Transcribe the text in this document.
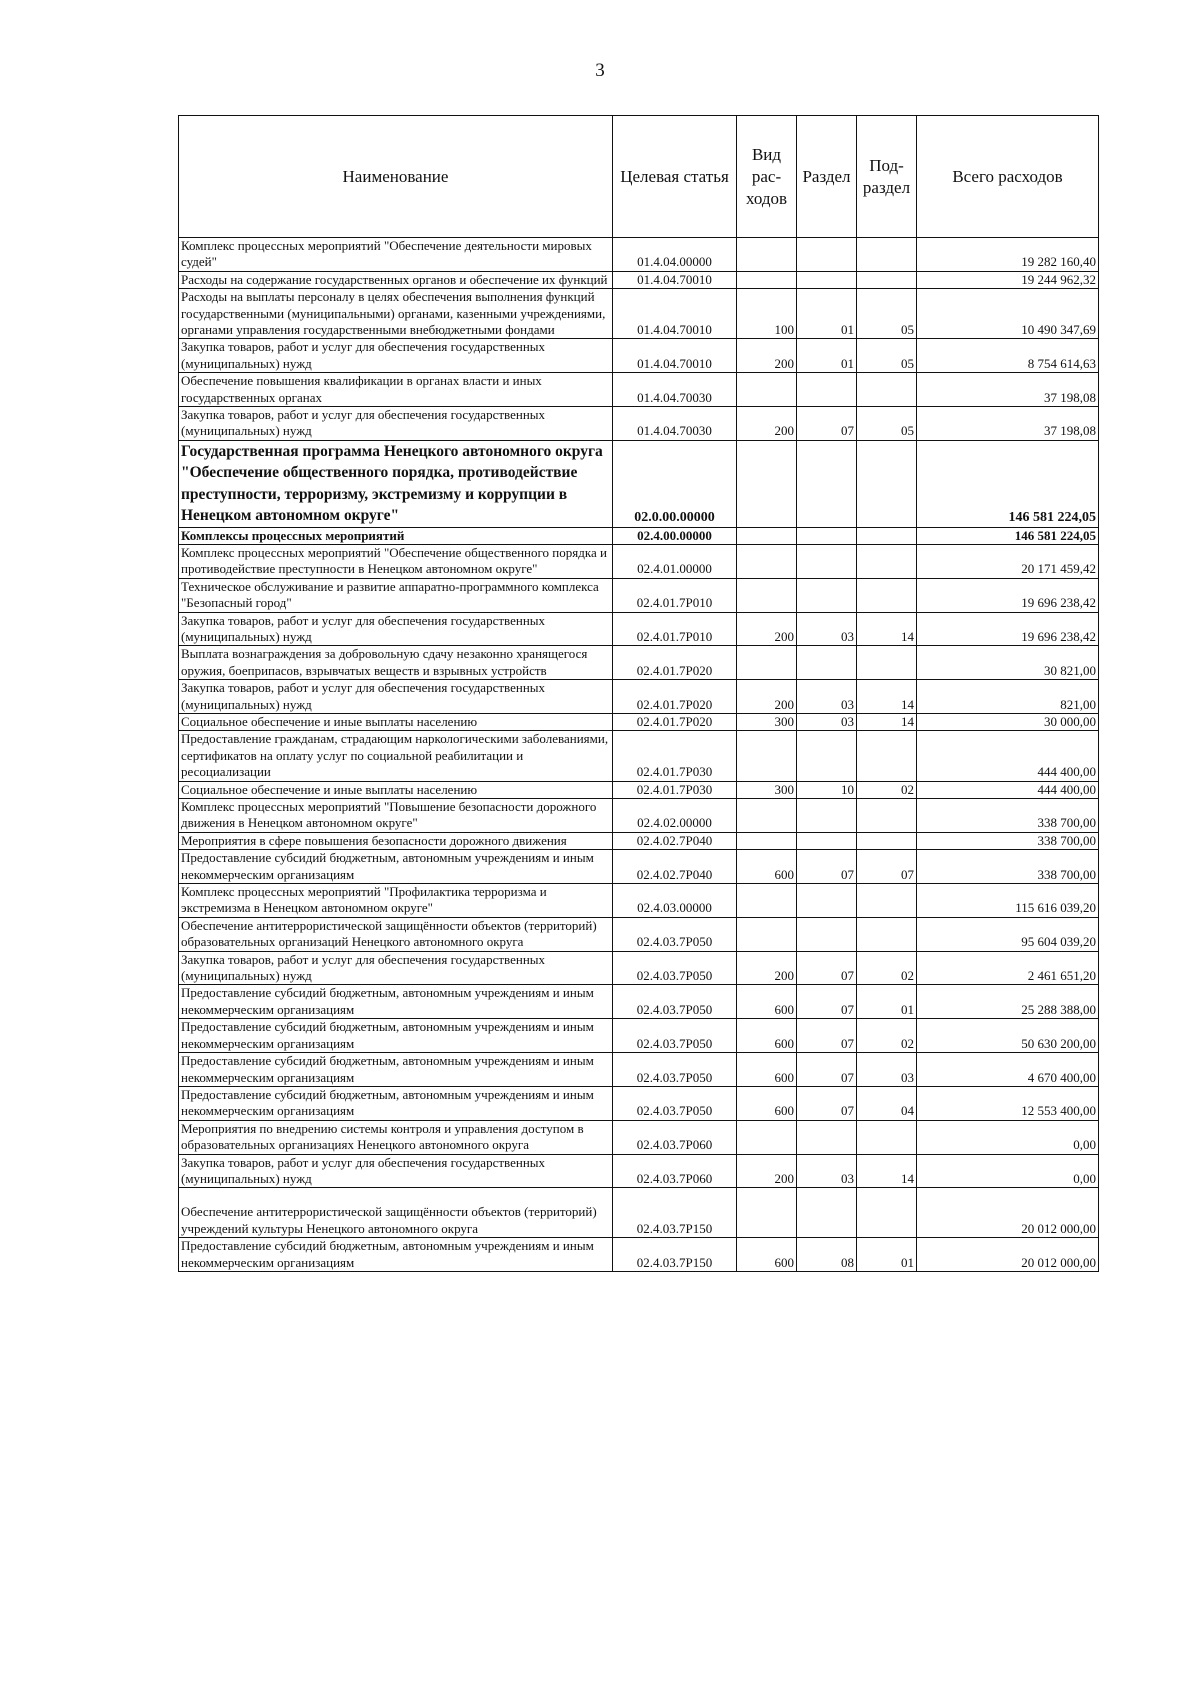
3
Наименование	Целевая статья	Вид рас- ходов	Раздел	Под- раздел	Всего расходов
Комплекс процессных мероприятий "Обеспечение деятельности мировых судей"	01.4.04.00000				19 282 160,40
Расходы на содержание государственных органов и обеспечение их функций	01.4.04.70010				19 244 962,32
Расходы на выплаты персоналу в целях обеспечения выполнения функций государственными (муниципальными) органами, казенными учреждениями, органами управления государственными внебюджетными фондами	01.4.04.70010	100	01	05	10 490 347,69
Закупка товаров, работ и услуг для обеспечения государственных (муниципальных) нужд	01.4.04.70010	200	01	05	8 754 614,63
Обеспечение повышения квалификации в органах власти и иных государственных органах	01.4.04.70030				37 198,08
Закупка товаров, работ и услуг для обеспечения государственных (муниципальных) нужд	01.4.04.70030	200	07	05	37 198,08
Государственная программа Ненецкого автономного округа "Обеспечение общественного порядка, противодействие преступности, терроризму, экстремизму и коррупции в Ненецком автономном округе"	02.0.00.00000				146 581 224,05
Комплексы процессных мероприятий	02.4.00.00000				146 581 224,05
Комплекс процессных мероприятий "Обеспечение общественного порядка и противодействие преступности в Ненецком автономном округе"	02.4.01.00000				20 171 459,42
Техническое обслуживание и развитие аппаратно-программного комплекса "Безопасный город"	02.4.01.7Р010				19 696 238,42
Закупка товаров, работ и услуг для обеспечения государственных (муниципальных) нужд	02.4.01.7Р010	200	03	14	19 696 238,42
Выплата вознаграждения за добровольную сдачу незаконно хранящегося оружия, боеприпасов, взрывчатых веществ и взрывных устройств	02.4.01.7Р020				30 821,00
Закупка товаров, работ и услуг для обеспечения государственных (муниципальных) нужд	02.4.01.7Р020	200	03	14	821,00
Социальное обеспечение и иные выплаты населению	02.4.01.7Р020	300	03	14	30 000,00
Предоставление гражданам, страдающим наркологическими заболеваниями, сертификатов на оплату услуг по социальной реабилитации и ресоциализации	02.4.01.7Р030				444 400,00
Социальное обеспечение и иные выплаты населению	02.4.01.7Р030	300	10	02	444 400,00
Комплекс процессных мероприятий "Повышение безопасности дорожного движения в Ненецком автономном округе"	02.4.02.00000				338 700,00
Мероприятия в сфере повышения безопасности дорожного движения	02.4.02.7Р040				338 700,00
Предоставление субсидий бюджетным, автономным учреждениям и иным некоммерческим организациям	02.4.02.7Р040	600	07	07	338 700,00
Комплекс процессных мероприятий "Профилактика терроризма и экстремизма в Ненецком автономном округе"	02.4.03.00000				115 616 039,20
Обеспечение антитеррористической защищённости объектов (территорий) образовательных организаций Ненецкого автономного округа	02.4.03.7Р050				95 604 039,20
Закупка товаров, работ и услуг для обеспечения государственных (муниципальных) нужд	02.4.03.7Р050	200	07	02	2 461 651,20
Предоставление субсидий бюджетным, автономным учреждениям и иным некоммерческим организациям	02.4.03.7Р050	600	07	01	25 288 388,00
Предоставление субсидий бюджетным, автономным учреждениям и иным некоммерческим организациям	02.4.03.7Р050	600	07	02	50 630 200,00
Предоставление субсидий бюджетным, автономным учреждениям и иным некоммерческим организациям	02.4.03.7Р050	600	07	03	4 670 400,00
Предоставление субсидий бюджетным, автономным учреждениям и иным некоммерческим организациям	02.4.03.7Р050	600	07	04	12 553 400,00
Мероприятия по внедрению системы контроля и управления доступом в образовательных организациях Ненецкого автономного округа	02.4.03.7Р060				0,00
Закупка товаров, работ и услуг для обеспечения государственных (муниципальных) нужд	02.4.03.7Р060	200	03	14	0,00
Обеспечение антитеррористической защищённости объектов (территорий) учреждений культуры Ненецкого автономного округа	02.4.03.7Р150				20 012 000,00
Предоставление субсидий бюджетным, автономным учреждениям и иным некоммерческим организациям	02.4.03.7Р150	600	08	01	20 012 000,00
